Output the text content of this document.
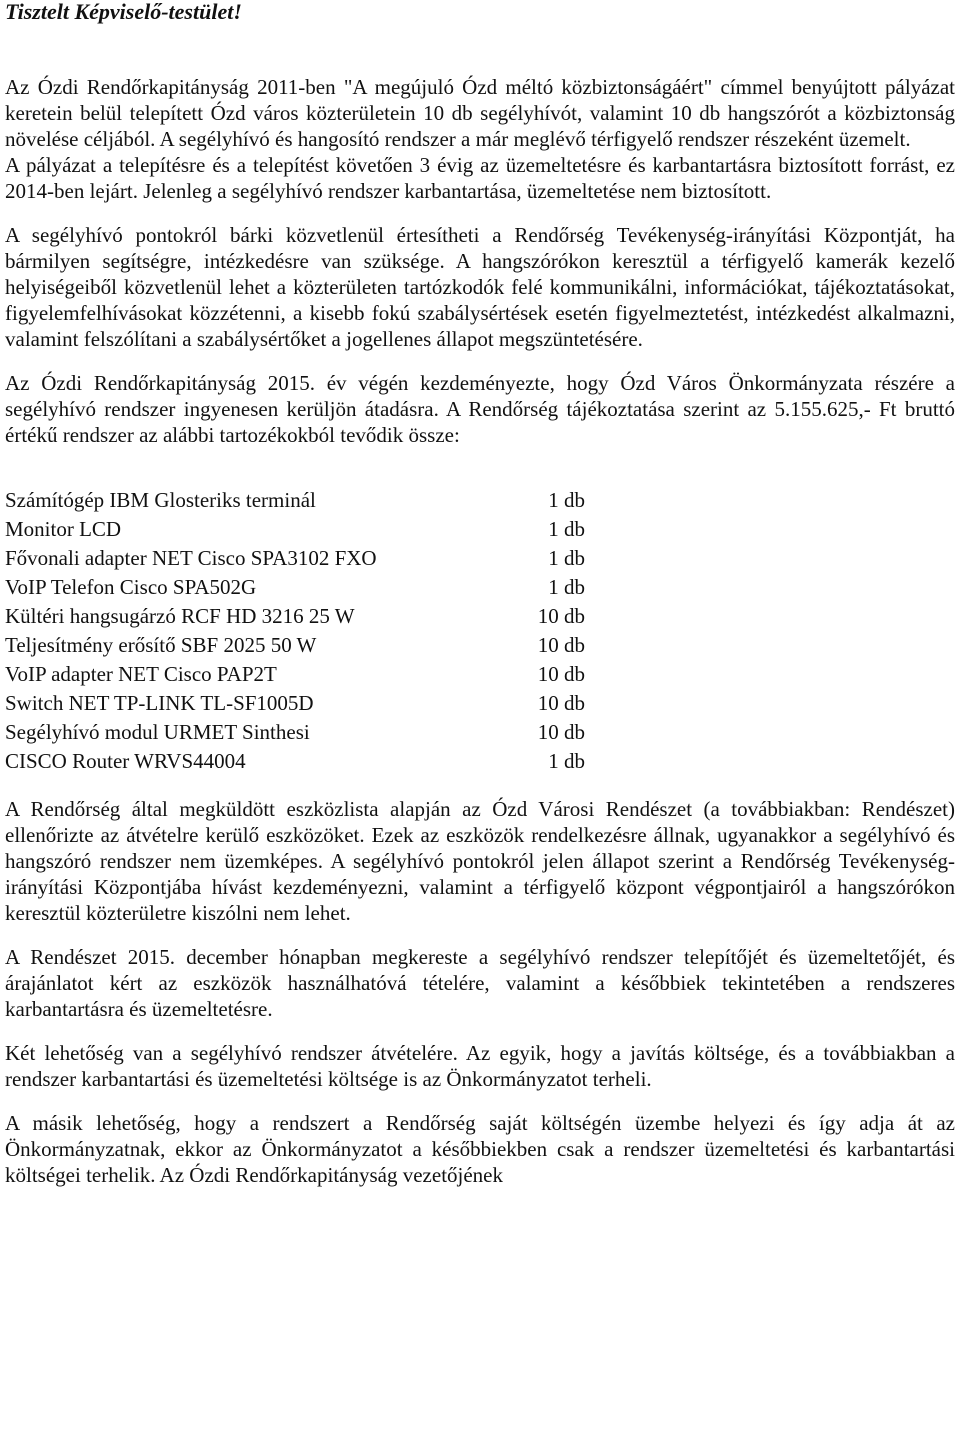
Tisztelt Képviselő-testület!

Az Ózdi Rendőrkapitányság 2011-ben "A megújuló Ózd méltó közbiztonságáért" címmel benyújtott pályázat keretein belül telepített Ózd város közterületein 10 db segélyhívót, valamint 10 db hangszórót a közbiztonság növelése céljából. A segélyhívó és hangosító rendszer a már meglévő térfigyelő rendszer részeként üzemelt.

A pályázat a telepítésre és a telepítést követően 3 évig az üzemeltetésre és karbantartásra biztosított forrást, ez 2014-ben lejárt. Jelenleg a segélyhívó rendszer karbantartása, üzemeltetése nem biztosított.

A segélyhívó pontokról bárki közvetlenül értesítheti a Rendőrség Tevékenység-irányítási Központját, ha bármilyen segítségre, intézkedésre van szüksége. A hangszórókon keresztül a térfigyelő kamerák kezelő helyiségeiből közvetlenül lehet a közterületen tartózkodók felé kommunikálni, információkat, tájékoztatásokat, figyelemfelhívásokat közzétenni, a kisebb fokú szabálysértések esetén figyelmeztetést, intézkedést alkalmazni, valamint felszólítani a szabálysértőket a jogellenes állapot megszüntetésére.

Az Ózdi Rendőrkapitányság 2015. év végén kezdeményezte, hogy Ózd Város Önkormányzata részére a segélyhívó rendszer ingyenesen kerüljön átadásra. A Rendőrség tájékoztatása szerint az 5.155.625,- Ft bruttó értékű rendszer az alábbi tartozékokból tevődik össze:

Számítógép IBM Glosteriks terminál	1 db
Monitor LCD	1 db
Fővonali adapter NET Cisco SPA3102 FXO	1 db
VoIP Telefon Cisco SPA502G	1 db
Kültéri hangsugárzó RCF HD 3216 25 W	10 db
Teljesítmény erősítő SBF 2025 50 W	10 db
VoIP adapter NET Cisco PAP2T	10 db
Switch NET TP-LINK TL-SF1005D	10 db
Segélyhívó modul URMET Sinthesi	10 db
CISCO Router WRVS44004	1 db

A Rendőrség által megküldött eszközlista alapján az Ózd Városi Rendészet (a továbbiakban: Rendészet) ellenőrizte az átvételre kerülő eszközöket. Ezek az eszközök rendelkezésre állnak, ugyanakkor a segélyhívó és hangszóró rendszer nem üzemképes. A segélyhívó pontokról jelen állapot szerint a Rendőrség Tevékenység-irányítási Központjába hívást kezdeményezni, valamint a térfigyelő központ végpontjairól a hangszórókon keresztül közterületre kiszólni nem lehet.

A Rendészet 2015. december hónapban megkereste a segélyhívó rendszer telepítőjét és üzemeltetőjét, és árajánlatot kért az eszközök használhatóvá tételére, valamint a későbbiek tekintetében a rendszeres karbantartásra és üzemeltetésre.

Két lehetőség van a segélyhívó rendszer átvételére. Az egyik, hogy a javítás költsége, és a továbbiakban a rendszer karbantartási és üzemeltetési költsége is az Önkormányzatot terheli.

A másik lehetőség, hogy a rendszert a Rendőrség saját költségén üzembe helyezi és így adja át az Önkormányzatnak, ekkor az Önkormányzatot a későbbiekben csak a rendszer üzemeltetési és karbantartási költségei terhelik. Az Ózdi Rendőrkapitányság vezetőjének
